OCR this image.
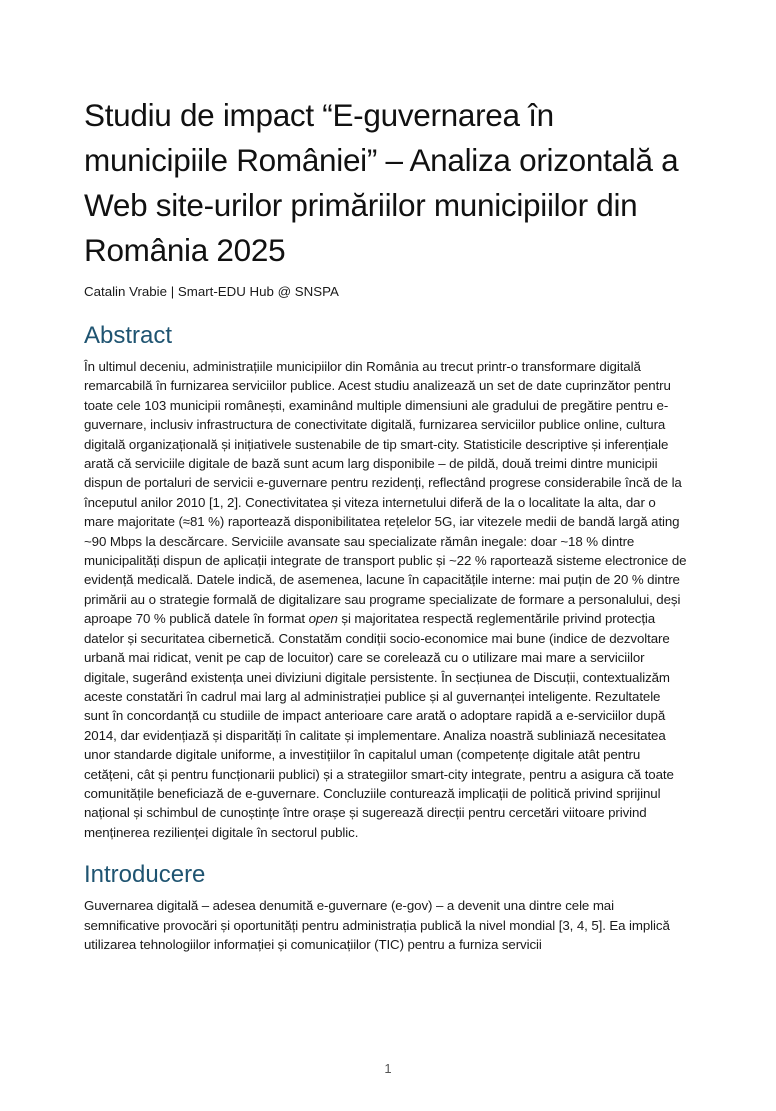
Studiu de impact “E-guvernarea în municipiile României” – Analiza orizontală a Web site-urilor primăriilor municipiilor din România 2025

Catalin Vrabie | Smart-EDU Hub @ SNSPA

Abstract

În ultimul deceniu, administrațiile municipiilor din România au trecut printr-o transformare digitală remarcabilă în furnizarea serviciilor publice. Acest studiu analizează un set de date cuprinzător pentru toate cele 103 municipii românești, examinând multiple dimensiuni ale gradului de pregătire pentru e-guvernare, inclusiv infrastructura de conectivitate digitală, furnizarea serviciilor publice online, cultura digitală organizațională și inițiativele sustenabile de tip smart-city. Statisticile descriptive și inferențiale arată că serviciile digitale de bază sunt acum larg disponibile – de pildă, două treimi dintre municipii dispun de portaluri de servicii e-guvernare pentru rezidenți, reflectând progrese considerabile încă de la începutul anilor 2010 [1, 2]. Conectivitatea și viteza internetului diferă de la o localitate la alta, dar o mare majoritate (≈81 %) raportează disponibilitatea rețelelor 5G, iar vitezele medii de bandă largă ating ~90 Mbps la descărcare. Serviciile avansate sau specializate rămân inegale: doar ~18 % dintre municipalități dispun de aplicații integrate de transport public și ~22 % raportează sisteme electronice de evidență medicală. Datele indică, de asemenea, lacune în capacitățile interne: mai puțin de 20 % dintre primării au o strategie formală de digitalizare sau programe specializate de formare a personalului, deși aproape 70 % publică datele în format open și majoritatea respectă reglementările privind protecția datelor și securitatea cibernetică. Constatăm condiții socio-economice mai bune (indice de dezvoltare urbană mai ridicat, venit pe cap de locuitor) care se corelează cu o utilizare mai mare a serviciilor digitale, sugerând existența unei diviziuni digitale persistente. În secțiunea de Discuții, contextualizăm aceste constatări în cadrul mai larg al administrației publice și al guvernanței inteligente. Rezultatele sunt în concordanță cu studiile de impact anterioare care arată o adoptare rapidă a e-serviciilor după 2014, dar evidențiază și disparități în calitate și implementare. Analiza noastră subliniază necesitatea unor standarde digitale uniforme, a investițiilor în capitalul uman (competențe digitale atât pentru cetățeni, cât și pentru funcționarii publici) și a strategiilor smart-city integrate, pentru a asigura că toate comunitățile beneficiază de e-guvernare. Concluziile conturează implicații de politică privind sprijinul național și schimbul de cunoștințe între orașe și sugerează direcții pentru cercetări viitoare privind menținerea rezilienței digitale în sectorul public.

Introducere

Guvernarea digitală – adesea denumită e-guvernare (e-gov) – a devenit una dintre cele mai semnificative provocări și oportunități pentru administrația publică la nivel mondial [3, 4, 5]. Ea implică utilizarea tehnologiilor informației și comunicațiilor (TIC) pentru a furniza servicii

1
